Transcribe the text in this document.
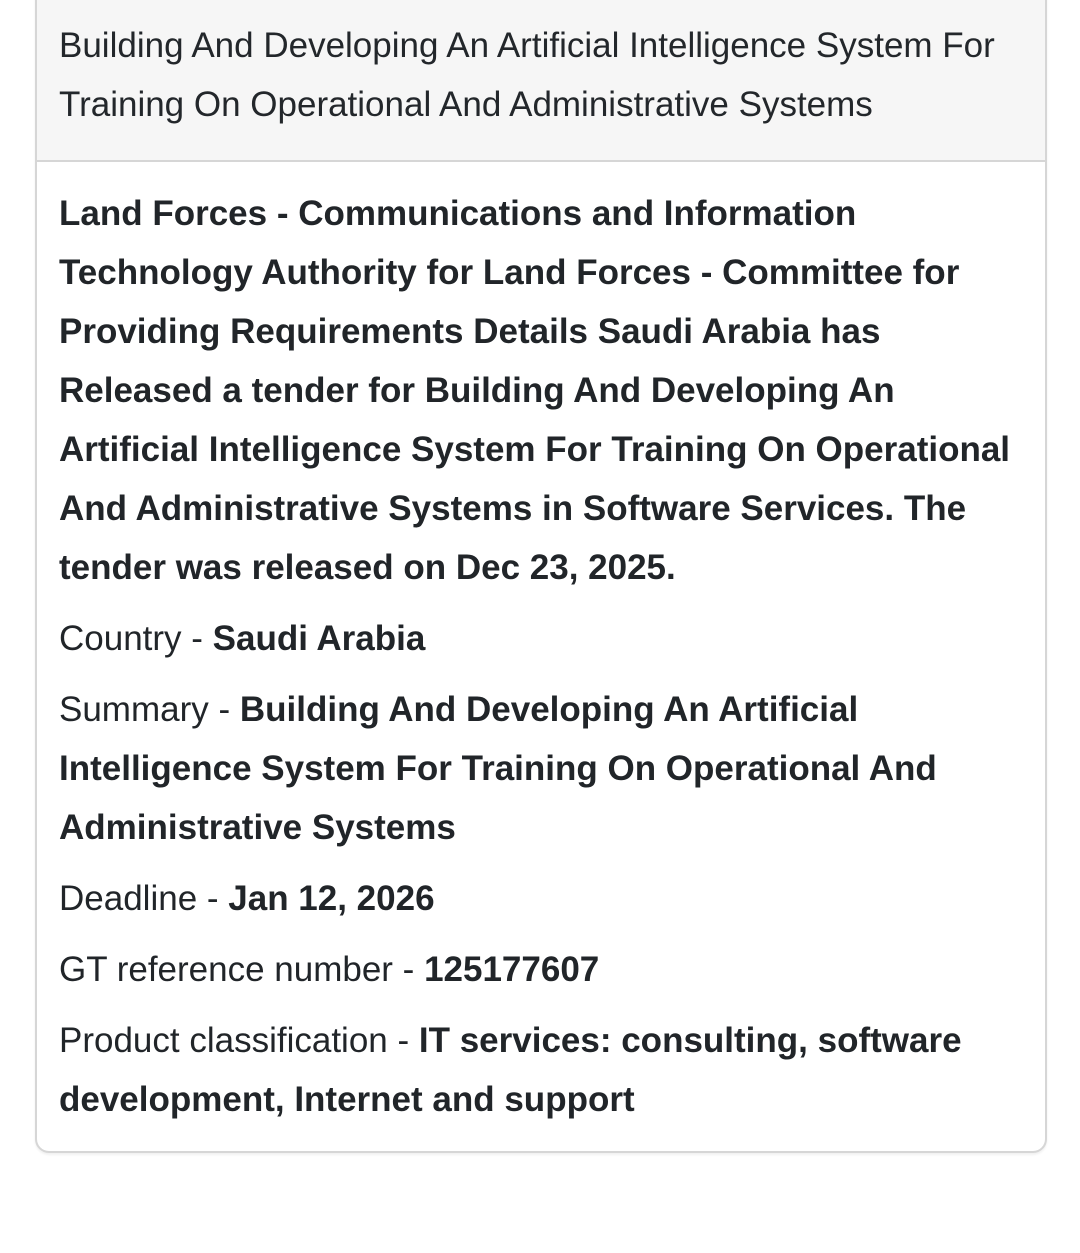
Building And Developing An Artificial Intelligence System For Training On Operational And Administrative Systems

Land Forces - Communications and Information Technology Authority for Land Forces - Committee for Providing Requirements Details Saudi Arabia has Released a tender for Building And Developing An Artificial Intelligence System For Training On Operational And Administrative Systems in Software Services. The tender was released on Dec 23, 2025.

Country - Saudi Arabia

Summary - Building And Developing An Artificial Intelligence System For Training On Operational And Administrative Systems

Deadline - Jan 12, 2026

GT reference number - 125177607

Product classification - IT services: consulting, software development, Internet and support
